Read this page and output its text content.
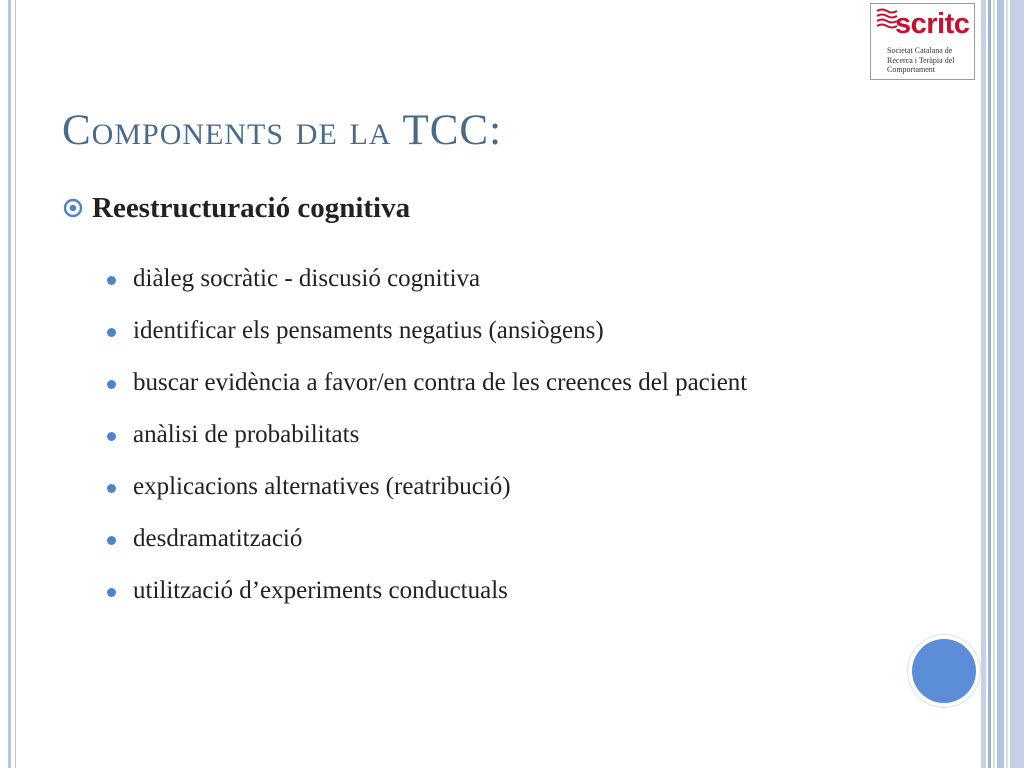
scritc
Societat Catalana de
Recerca i Teràpia del
Comportament
Components de la TCC:
Reestructuració cognitiva
diàleg socràtic - discusió cognitiva
identificar els pensaments negatius (ansiògens)
buscar evidència a favor/en contra de les creences del pacient
anàlisi de probabilitats
explicacions alternatives (reatribució)
desdramatització
utilització d’experiments conductuals
